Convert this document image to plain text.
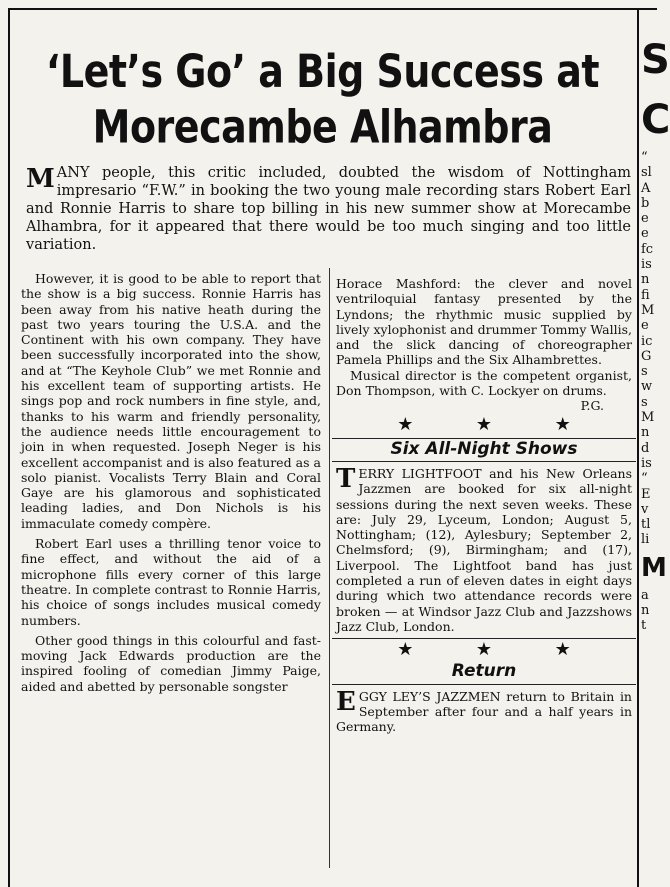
‘Let’s Go’ a Big Success at
Morecambe Alhambra
MANY people, this critic included, doubted the wisdom of Nottingham impresario “F.W.” in booking the two young male recording stars Robert Earl and Ronnie Harris to share top billing in his new summer show at Morecambe Alhambra, for it appeared that there would be too much singing and too little variation.

However, it is good to be able to report that the show is a big success. Ronnie Harris has been away from his native heath during the past two years touring the U.S.A. and the Continent with his own company. They have been successfully incorporated into the show, and at “The Keyhole Club” we met Ronnie and his excellent team of supporting artists. He sings pop and rock numbers in fine style, and, thanks to his warm and friendly personality, the audience needs little encouragement to join in when requested. Joseph Neger is his excellent accompanist and is also featured as a solo pianist. Vocalists Terry Blain and Coral Gaye are his glamorous and sophisticated leading ladies, and Don Nichols is his immaculate comedy compère.

Robert Earl uses a thrilling tenor voice to fine effect, and without the aid of a microphone fills every corner of this large theatre. In complete contrast to Ronnie Harris, his choice of songs includes musical comedy numbers.

Other good things in this colourful and fast-moving Jack Edwards production are the inspired fooling of comedian Jimmy Paige, aided and abetted by personable songster

Horace Mashford: the clever and novel ventriloquial fantasy presented by the Lyndons; the rhythmic music supplied by lively xylophonist and drummer Tommy Wallis, and the slick dancing of choreographer Pamela Phillips and the Six Alhambrettes.

Musical director is the competent organist, Don Thompson, with C. Lockyer on drums.

P.G.
★	★	★
Six All-Night Shows

TERRY LIGHTFOOT and his New Orleans Jazzmen are booked for six all-night sessions during the next seven weeks. These are: July 29, Lyceum, London; August 5, Nottingham; (12), Aylesbury; September 2, Chelmsford; (9), Birmingham; and (17), Liverpool. The Lightfoot band has just completed a run of eleven dates in eight days during which two attendance records were broken — at Windsor Jazz Club and Jazzshows Jazz Club, London.

★	★	★
Return

EGGY LEY’S JAZZMEN return to Britain in September after four and a half years in Germany.

S
C
“
sl
A
b
e
e
fc
is
n
fi
M
e
ic
G
s
w
s
M
n
d
is
“
E
v
tl
li
M
a
n
t
